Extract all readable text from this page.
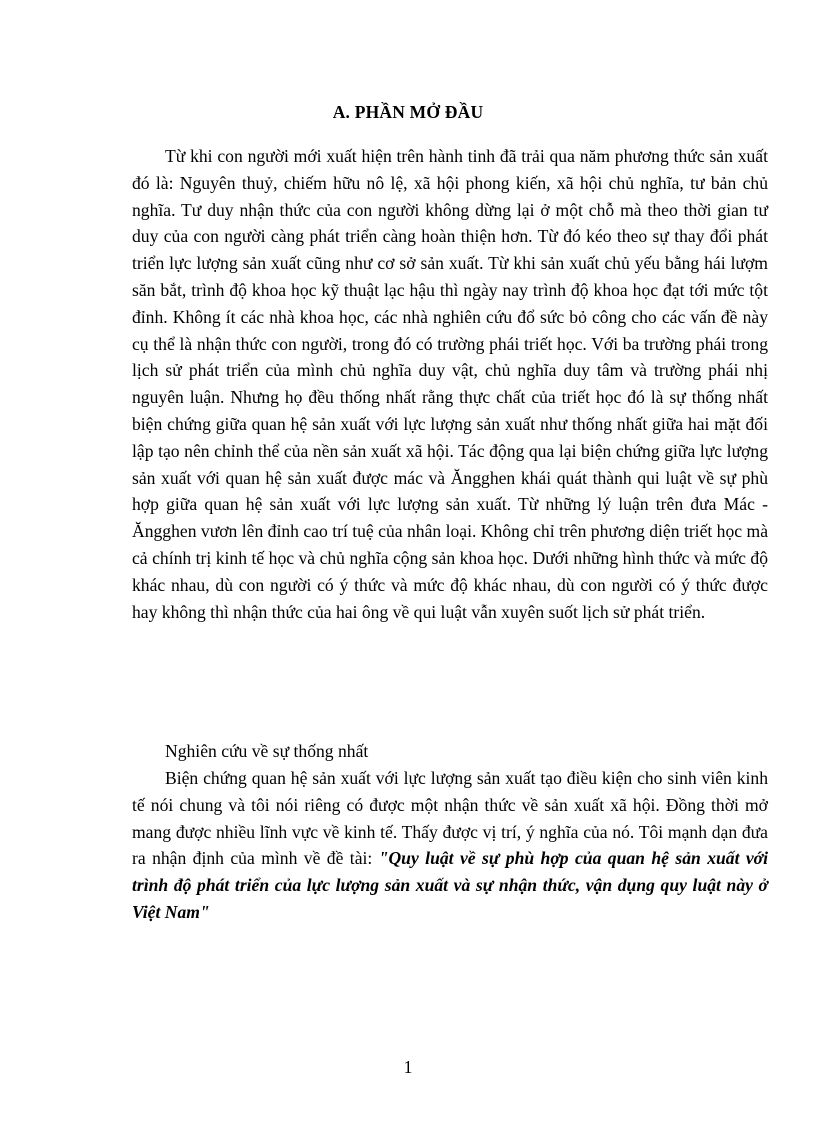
A. PHẦN MỞ ĐẦU

Từ khi con người mới xuất hiện trên hành tinh đã trải qua năm phương thức sản xuất đó là: Nguyên thuỷ, chiếm hữu nô lệ, xã hội phong kiến, xã hội chủ nghĩa, tư bản chủ nghĩa. Tư duy nhận thức của con người không dừng lại ở một chỗ mà theo thời gian tư duy của con người càng phát triển càng hoàn thiện hơn. Từ đó kéo theo sự thay đổi phát triển lực lượng sản xuất cũng như cơ sở sản xuất. Từ khi sản xuất chủ yếu bằng hái lượm săn bắt, trình độ khoa học kỹ thuật lạc hậu thì ngày nay trình độ khoa học đạt tới mức tột đỉnh. Không ít các nhà khoa học, các nhà nghiên cứu đổ sức bỏ công cho các vấn đề này cụ thể là nhận thức con người, trong đó có trường phái triết học. Với ba trường phái trong lịch sử phát triển của mình chủ nghĩa duy vật, chủ nghĩa duy tâm và trường phái nhị nguyên luận. Nhưng họ đều thống nhất rằng thực chất của triết học đó là sự thống nhất biện chứng giữa quan hệ sản xuất với lực lượng sản xuất như thống nhất giữa hai mặt đối lập tạo nên chỉnh thể của nền sản xuất xã hội. Tác động qua lại biện chứng giữa lực lượng sản xuất với quan hệ sản xuất được mác và Ăngghen khái quát thành qui luật về sự phù hợp giữa quan hệ sản xuất với lực lượng sản xuất. Từ những lý luận trên đưa Mác - Ăngghen vươn lên đỉnh cao trí tuệ của nhân loại. Không chỉ trên phương diện triết học mà cả chính trị kinh tế học và chủ nghĩa cộng sản khoa học. Dưới những hình thức và mức độ khác nhau, dù con người có ý thức và mức độ khác nhau, dù con người có ý thức được hay không thì nhận thức của hai ông về qui luật vẫn xuyên suốt lịch sử phát triển.

Nghiên cứu về sự thống nhất

Biện chứng quan hệ sản xuất với lực lượng sản xuất tạo điều kiện cho sinh viên kinh tế nói chung và tôi nói riêng có được một nhận thức về sản xuất xã hội. Đồng thời mở mang được nhiều lĩnh vực về kinh tế. Thấy được vị trí, ý nghĩa của nó. Tôi mạnh dạn đưa ra nhận định của mình về đề tài: "Quy luật về sự phù hợp của quan hệ sản xuất với trình độ phát triển của lực lượng sản xuất và sự nhận thức, vận dụng quy luật này ở Việt Nam"

1
